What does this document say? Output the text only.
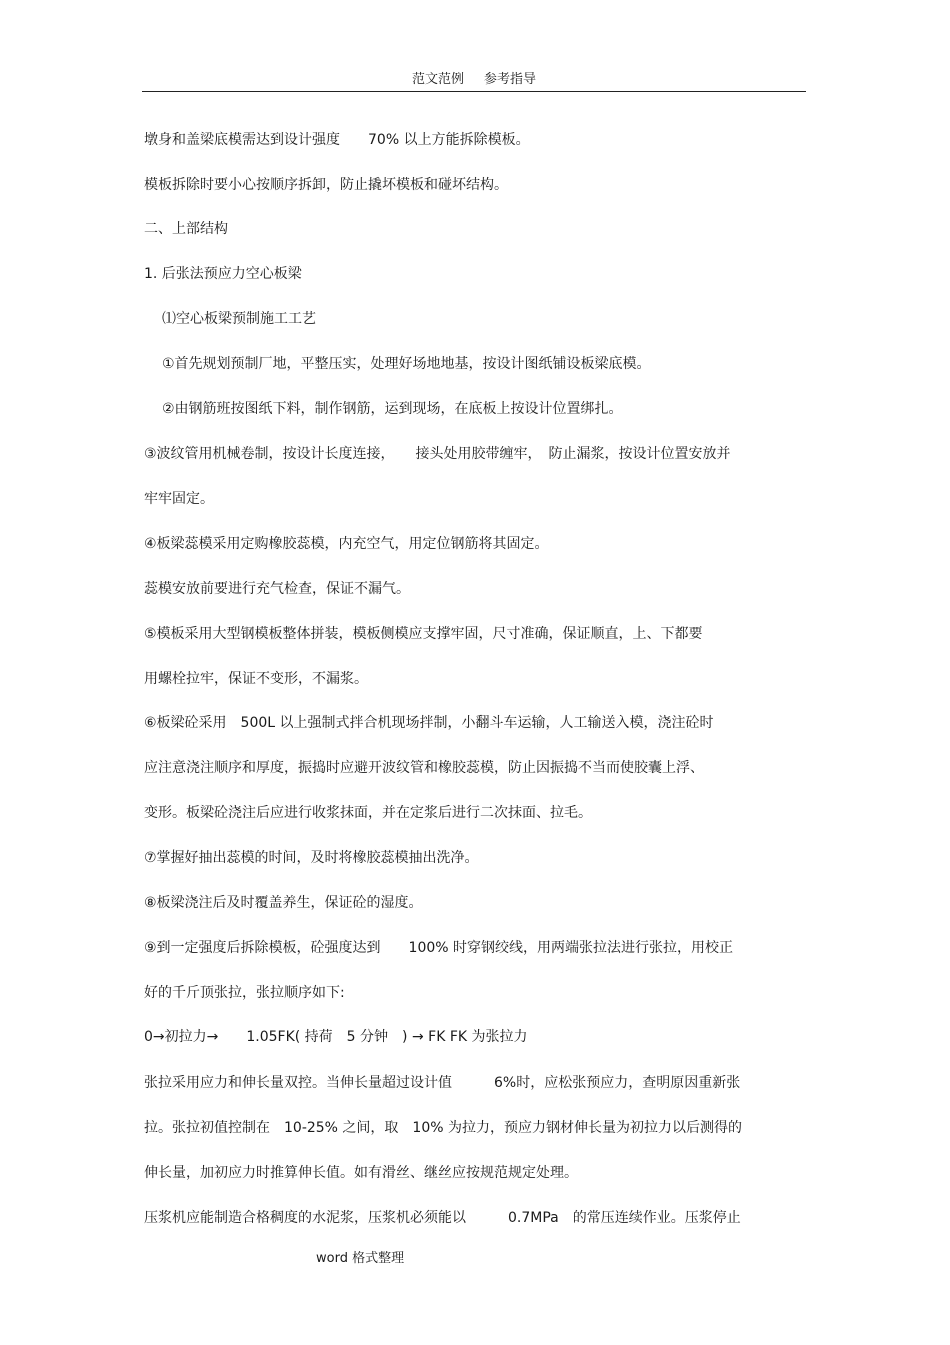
范文范例 参考指导
墩身和盖梁底模需达到设计强度　　70% 以上方能拆除模板。
模板拆除时要小心按顺序拆卸，防止撬坏模板和碰坏结构。
二、上部结构
1. 后张法预应力空心板梁
⑴空心板梁预制施工工艺
①首先规划预制厂地，平整压实，处理好场地地基，按设计图纸铺设板梁底模。
②由钢筋班按图纸下料，制作钢筋，运到现场，在底板上按设计位置绑扎。
③波纹管用机械卷制，按设计长度连接，　　接头处用胶带缠牢，　防止漏浆，按设计位置安放并
牢牢固定。
④板梁蕊模采用定购橡胶蕊模，内充空气，用定位钢筋将其固定。
蕊模安放前要进行充气检查，保证不漏气。
⑤模板采用大型钢模板整体拼装，模板侧模应支撑牢固，尺寸准确，保证顺直，上、下都要
用螺栓拉牢，保证不变形，不漏浆。
⑥板梁砼采用　500L 以上强制式拌合机现场拌制，小翻斗车运输，人工输送入模，浇注砼时
应注意浇注顺序和厚度，振捣时应避开波纹管和橡胶蕊模，防止因振捣不当而使胶囊上浮、
变形。板梁砼浇注后应进行收浆抹面，并在定浆后进行二次抹面、拉毛。
⑦掌握好抽出蕊模的时间，及时将橡胶蕊模抽出洗净。
⑧板梁浇注后及时覆盖养生，保证砼的湿度。
⑨到一定强度后拆除模板，砼强度达到　　100% 时穿钢绞线，用两端张拉法进行张拉，用校正
好的千斤顶张拉，张拉顺序如下:
0→初拉力→　　1.05FK( 持荷　5 分钟　) → FK FK 为张拉力
张拉采用应力和伸长量双控。当伸长量超过设计值　　　6%时，应松张预应力，查明原因重新张
拉。张拉初值控制在　10-25% 之间，取　10% 为拉力，预应力钢材伸长量为初拉力以后测得的
伸长量，加初应力时推算伸长值。如有滑丝、继丝应按规范规定处理。
压浆机应能制造合格稠度的水泥浆，压浆机必须能以　　　0.7MPa　的常压连续作业。压浆停止
word 格式整理
